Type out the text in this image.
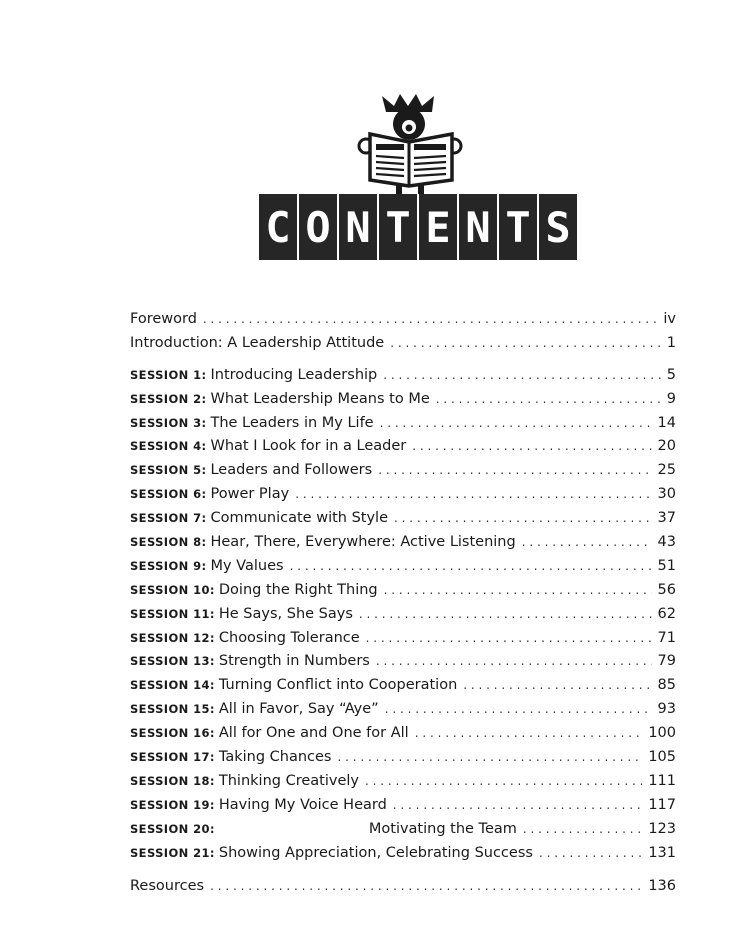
C O N T E N T S
Foreword . . .	iv
Introduction: A Leadership Attitude . . .	1
SESSION 1: Introducing Leadership . . .	5
SESSION 2: What Leadership Means to Me . . .	9
SESSION 3: The Leaders in My Life . . .	14
SESSION 4: What I Look for in a Leader . . .	20
SESSION 5: Leaders and Followers . . .	25
SESSION 6: Power Play . . .	30
SESSION 7: Communicate with Style . . .	37
SESSION 8: Hear, There, Everywhere: Active Listening . . .	43
SESSION 9: My Values . . .	51
SESSION 10: Doing the Right Thing . . .	56
SESSION 11: He Says, She Says . . .	62
SESSION 12: Choosing Tolerance . . .	71
SESSION 13: Strength in Numbers . . .	79
SESSION 14: Turning Conflict into Cooperation . . .	85
SESSION 15: All in Favor, Say “Aye” . . .	93
SESSION 16: All for One and One for All . . .	100
SESSION 17: Taking Chances . . .	105
SESSION 18: Thinking Creatively . . .	111
SESSION 19: Having My Voice Heard . . .	117
SESSION 20:	Motivating the Team . . .	123
SESSION 21: Showing Appreciation, Celebrating Success . . .	131
Resources . . .	136
